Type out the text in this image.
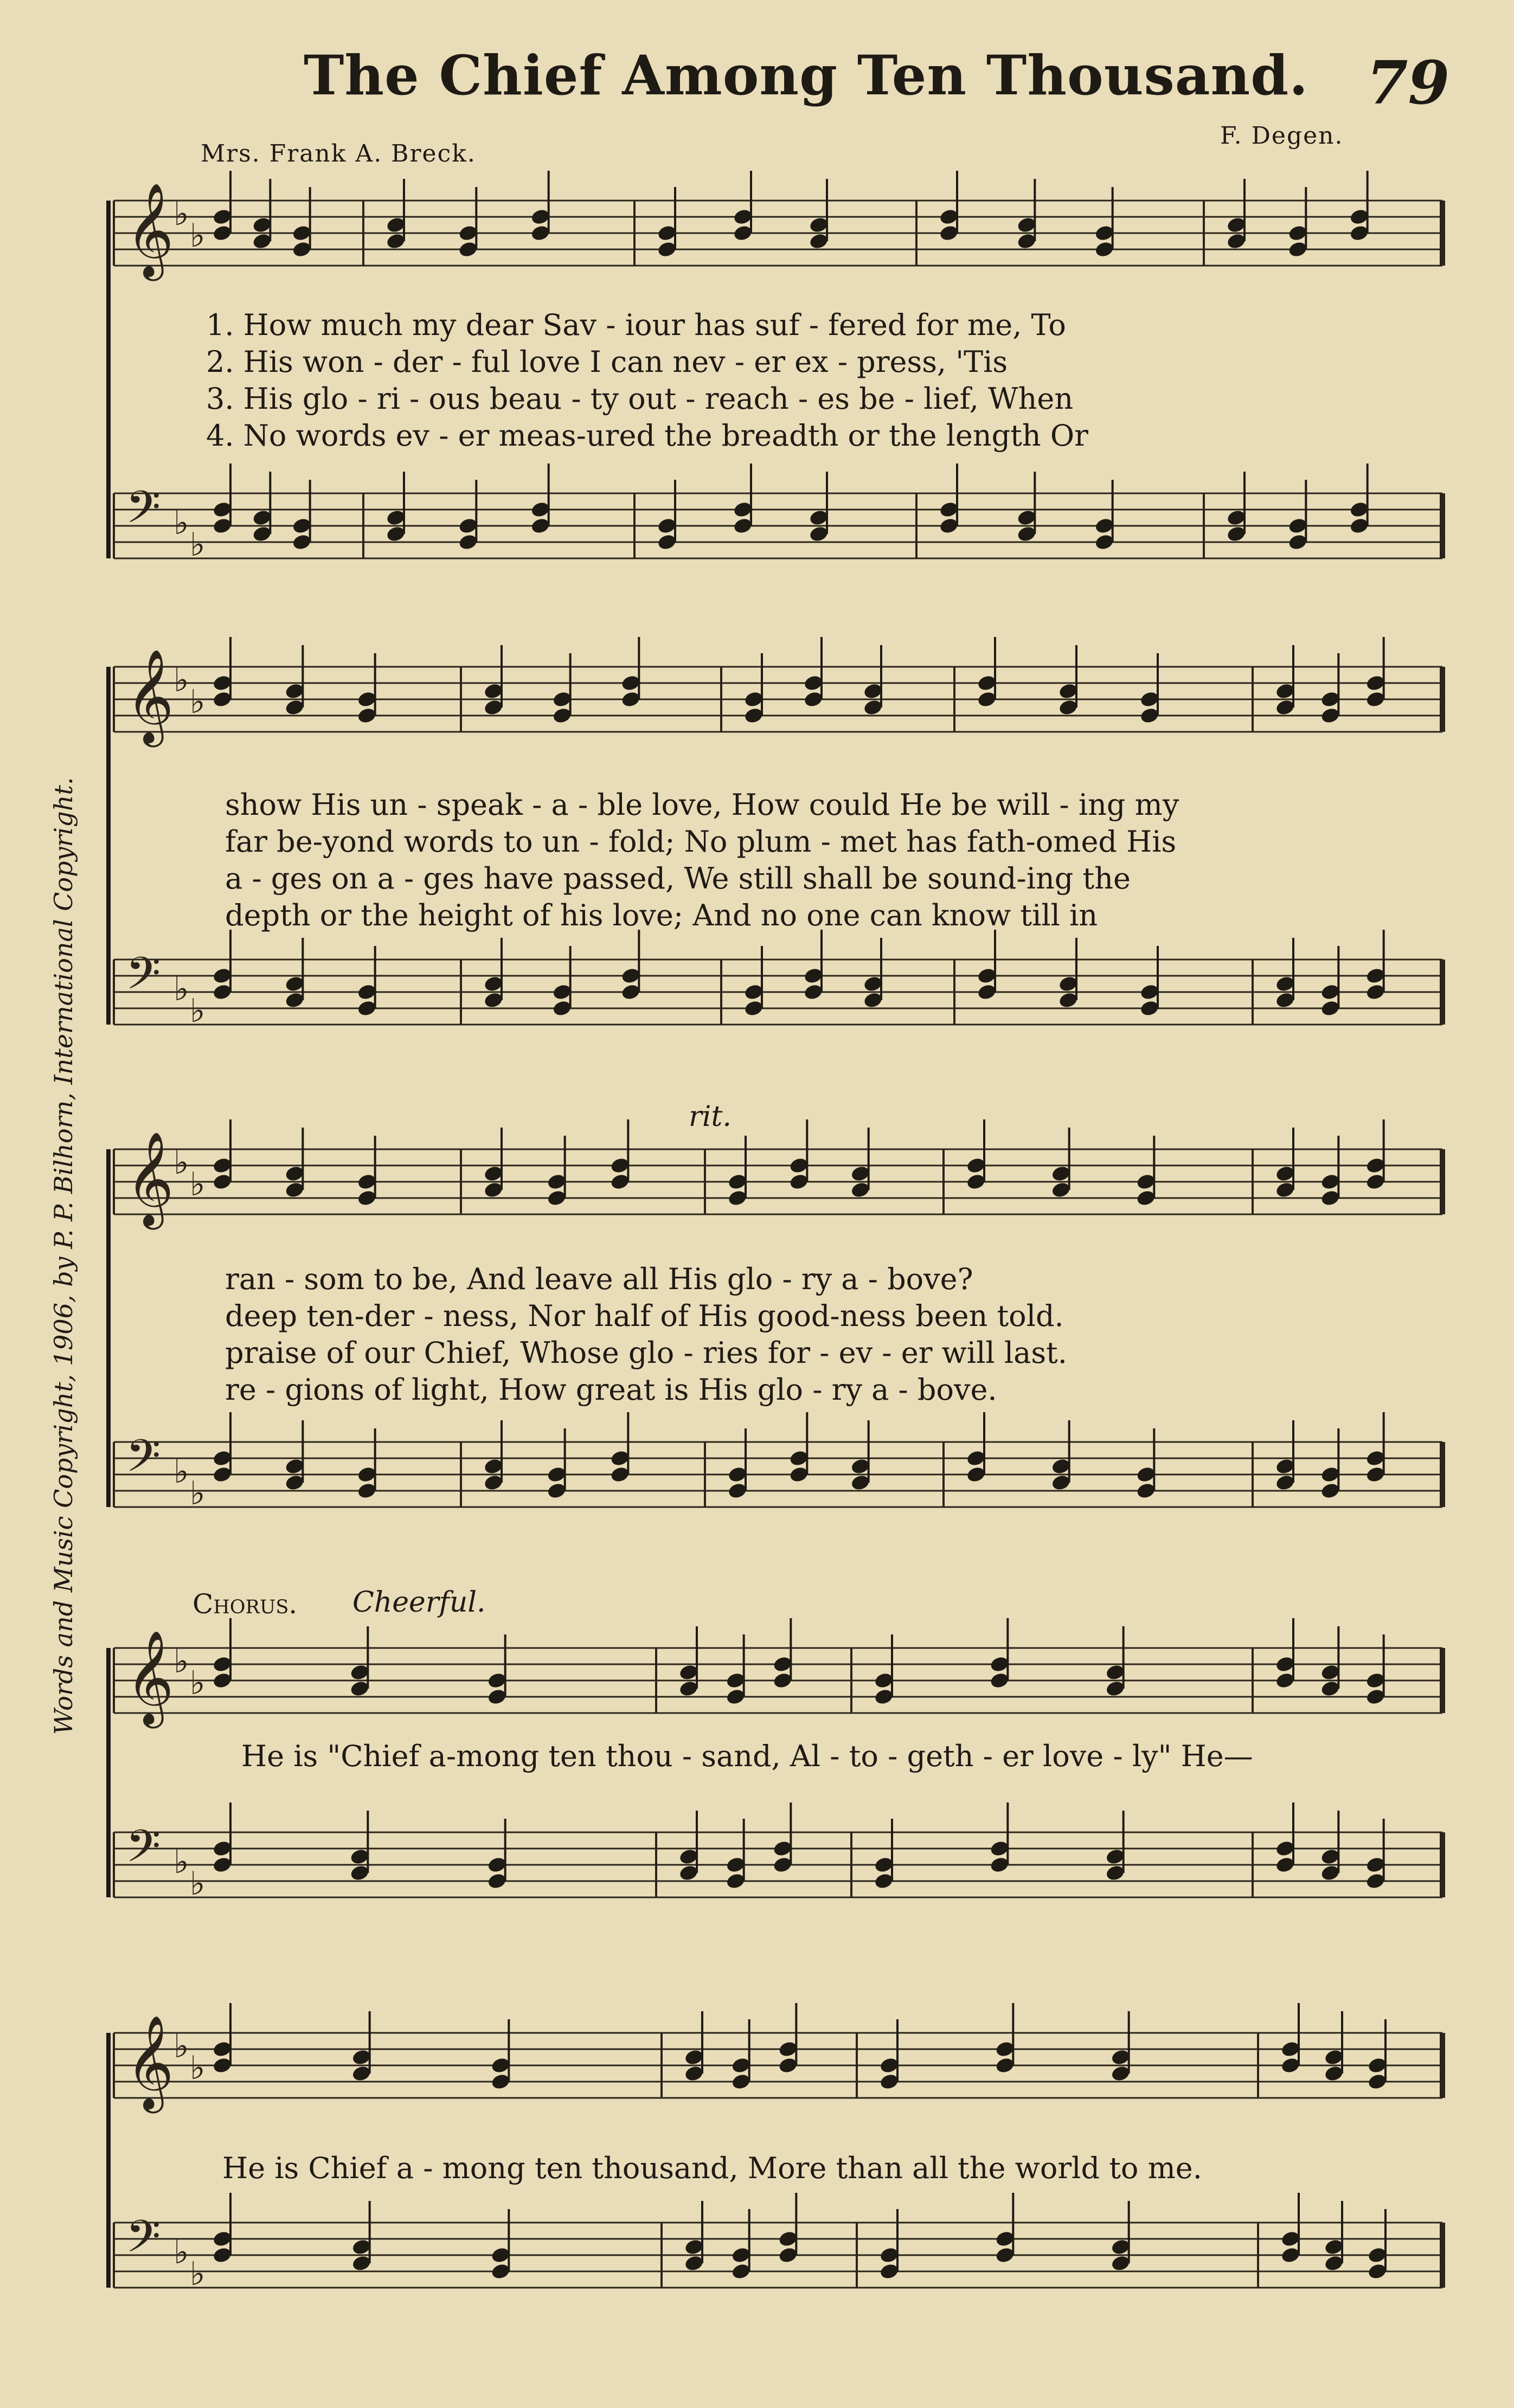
The Chief Among Ten Thousand. 79
Mrs. Frank A. Breck.
F. Degen.
Words and Music Copyright, 1906, by P. P. Bilhorn, International Copyright.
𝄞 ♭
♭
𝄢 ♭
♭
1. How much my dear Sav - iour has suf - fered for me, To
2. His won - der - ful love I can nev - er ex - press, 'Tis
3. His glo - ri - ous beau - ty out - reach - es be - lief, When
4. No words ev - er meas-ured the breadth or the length Or
𝄞 ♭
♭
𝄢 ♭
♭
show His un - speak - a - ble love, How could He be will - ing my
far be-yond words to un - fold; No plum - met has fath-omed His
a - ges on a - ges have passed, We still shall be sound-ing the
depth or the height of his love; And no one can know till in
rit.
𝄞 ♭
♭
𝄢 ♭
♭
ran - som to be, And leave all His glo - ry a - bove?
deep ten-der - ness, Nor half of His good-ness been told.
praise of our Chief, Whose glo - ries for - ev - er will last.
re - gions of light, How great is His glo - ry a - bove.
Chorus. Cheerful.
𝄞 ♭
♭
𝄢 ♭
♭
He is "Chief a-mong ten thou - sand, Al - to - geth - er love - ly" He—
𝄞 ♭
♭
𝄢 ♭
♭
He is Chief a - mong ten thousand, More than all the world to me.
